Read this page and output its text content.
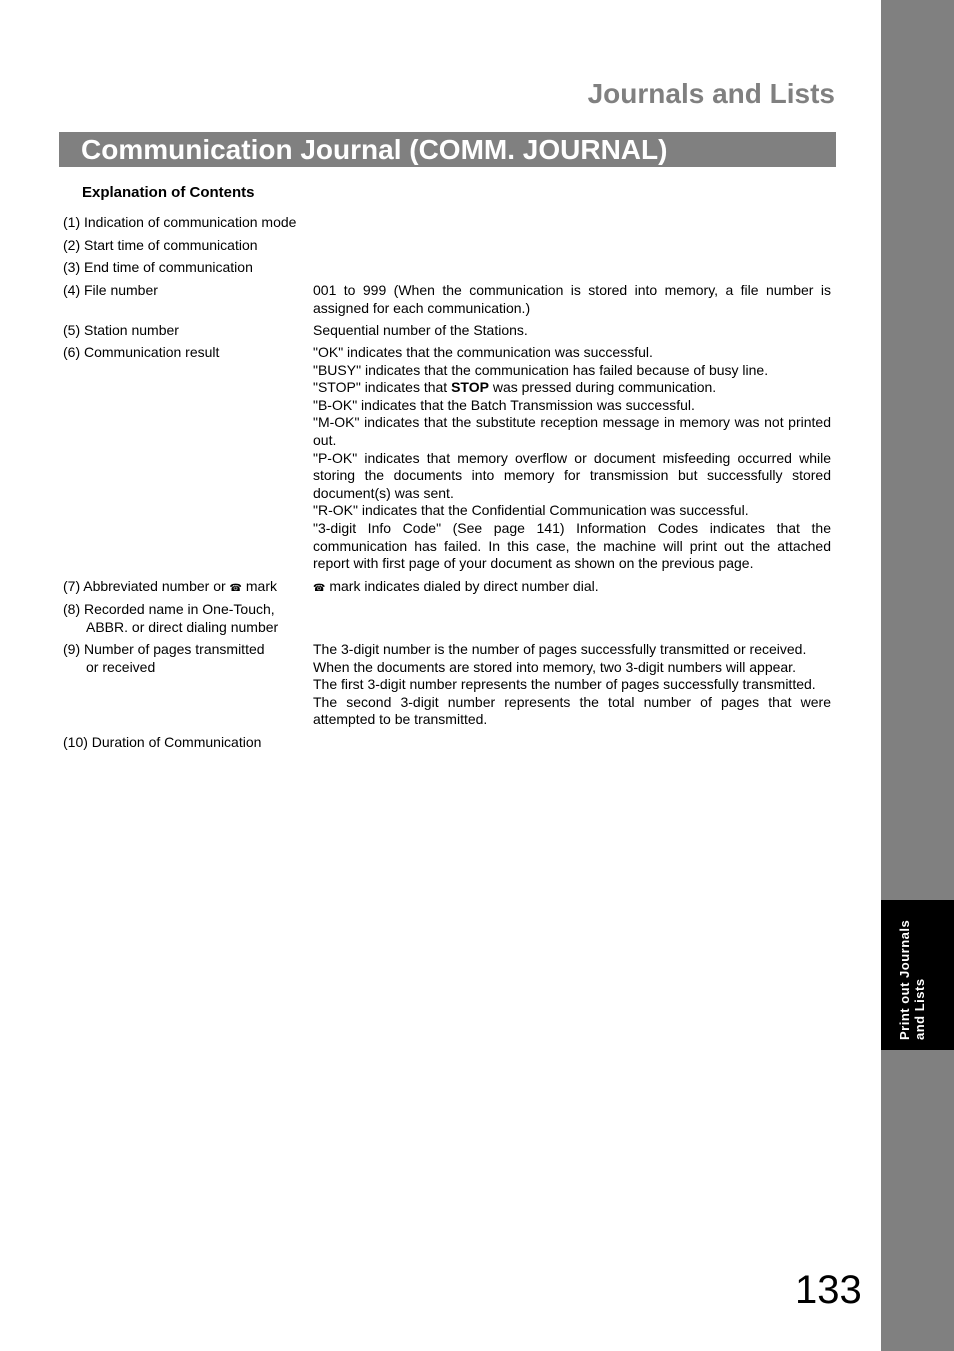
Print out Journals and Lists
Journals and Lists
Communication Journal (COMM. JOURNAL)
Explanation of Contents
(1) Indication of communication mode
(2) Start time of communication
(3) End time of communication
(4) File number	001 to 999 (When the communication is stored into memory, a file number is assigned for each communication.)

(5) Station number	Sequential number of the Stations.

(6) Communication result	"OK" indicates that the communication was successful.

"BUSY" indicates that the communication has failed because of busy line.

"STOP" indicates that STOP was pressed during communication.

"B-OK" indicates that the Batch Transmission was successful.

"M-OK" indicates that the substitute reception message in memory was not printed out.

"P-OK" indicates that memory overflow or document misfeeding occurred while storing the documents into memory for transmission but successfully stored document(s) was sent.

"R-OK" indicates that the Confidential Communication was successful.

"3-digit Info Code" (See page 141) Information Codes indicates that the communication has failed. In this case, the machine will print out the attached report with first page of your document as shown on the previous page.

(7) Abbreviated number or ☎ mark	☎ mark indicates dialed by direct number dial.

(8) Recorded name in One-Touch,
ABBR. or direct dialing number
(9) Number of pages transmitted
or received

The 3-digit number is the number of pages successfully transmitted or received.

When the documents are stored into memory, two 3-digit numbers will appear.

The first 3-digit number represents the number of pages successfully transmitted.

The second 3-digit number represents the total number of pages that were attempted to be transmitted.

(10) Duration of Communication
133
